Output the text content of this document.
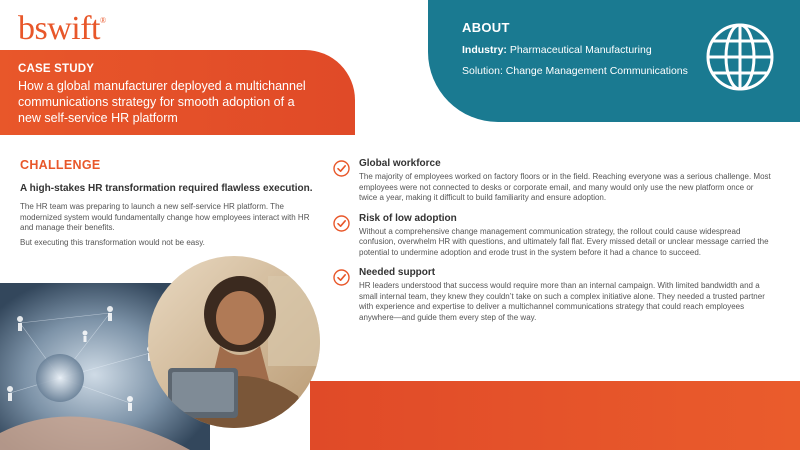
bswift®
CASE STUDY
How a global manufacturer deployed a multichannel communications strategy for smooth adoption of a new self-service HR platform
ABOUT
Industry: Pharmaceutical Manufacturing
Solution: Change Management Communications
CHALLENGE
A high-stakes HR transformation required flawless execution.
The HR team was preparing to launch a new self-service HR platform. The modernized system would fundamentally change how employees interact with HR and manage their benefits.
But executing this transformation would not be easy.
Global workforce
The majority of employees worked on factory floors or in the field. Reaching everyone was a serious challenge. Most employees were not connected to desks or corporate email, and many would only use the new platform once or twice a year, making it difficult to build familiarity and ensure adoption.
Risk of low adoption
Without a comprehensive change management communication strategy, the rollout could cause widespread confusion, overwhelm HR with questions, and ultimately fall flat. Every missed detail or unclear message carried the potential to undermine adoption and erode trust in the system before it had a chance to succeed.
Needed support
HR leaders understood that success would require more than an internal campaign. With limited bandwidth and a small internal team, they knew they couldn’t take on such a complex initiative alone. They needed a trusted partner with experience and expertise to deliver a multichannel communications strategy that could reach employees anywhere—and guide them every step of the way.
